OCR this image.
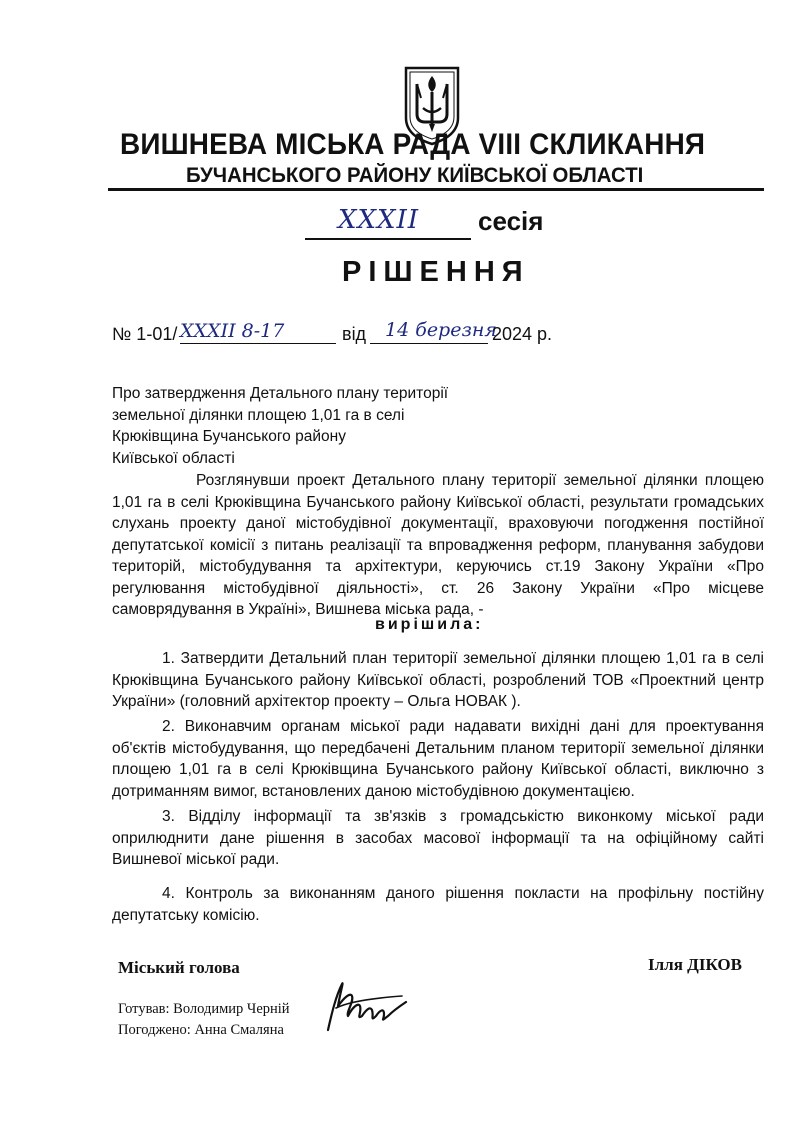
ВИШНЕВА МІСЬКА РАДА VIII СКЛИКАННЯ
БУЧАНСЬКОГО РАЙОНУ КИЇВСЬКОЇ ОБЛАСТІ
XXXII сесія
РІШЕННЯ
№ 1-01/ XXXII 8-17	від 14 березня
2024 р.
Про затвердження Детального плану території
земельної ділянки площею 1,01 га в селі
Крюківщина Бучанського району
Київської області
Розглянувши проект Детального плану території земельної ділянки площею 1,01 га в селі Крюківщина Бучанського району Київської області, результати громадських слухань проекту даної містобудівної документації, враховуючи погодження постійної депутатської комісії з питань реалізації та впровадження реформ, планування забудови територій, містобудування та архітектури, керуючись ст.19 Закону України «Про регулювання містобудівної діяльності», ст. 26 Закону України «Про місцеве самоврядування в Україні», Вишнева міська рада, -
вирішила:
1. Затвердити Детальний план території земельної ділянки площею 1,01 га в селі Крюківщина Бучанського району Київської області, розроблений ТОВ «Проектний центр України» (головний архітектор проекту – Ольга НОВАК ).
2. Виконавчим органам міської ради надавати вихідні дані для проектування об'єктів містобудування, що передбачені Детальним планом території земельної ділянки площею 1,01 га в селі Крюківщина Бучанського району Київської області, виключно з дотриманням вимог, встановлених даною містобудівною документацією.
3. Відділу інформації та зв'язків з громадськістю виконкому міської ради оприлюднити дане рішення в засобах масової інформації та на офіційному сайті Вишневої міської ради.
4. Контроль за виконанням даного рішення покласти на профільну постійну депутатську комісію.
Міський голова	Ілля ДІКОВ
Готував: Володимир Черній
Погоджено: Анна Смаляна
